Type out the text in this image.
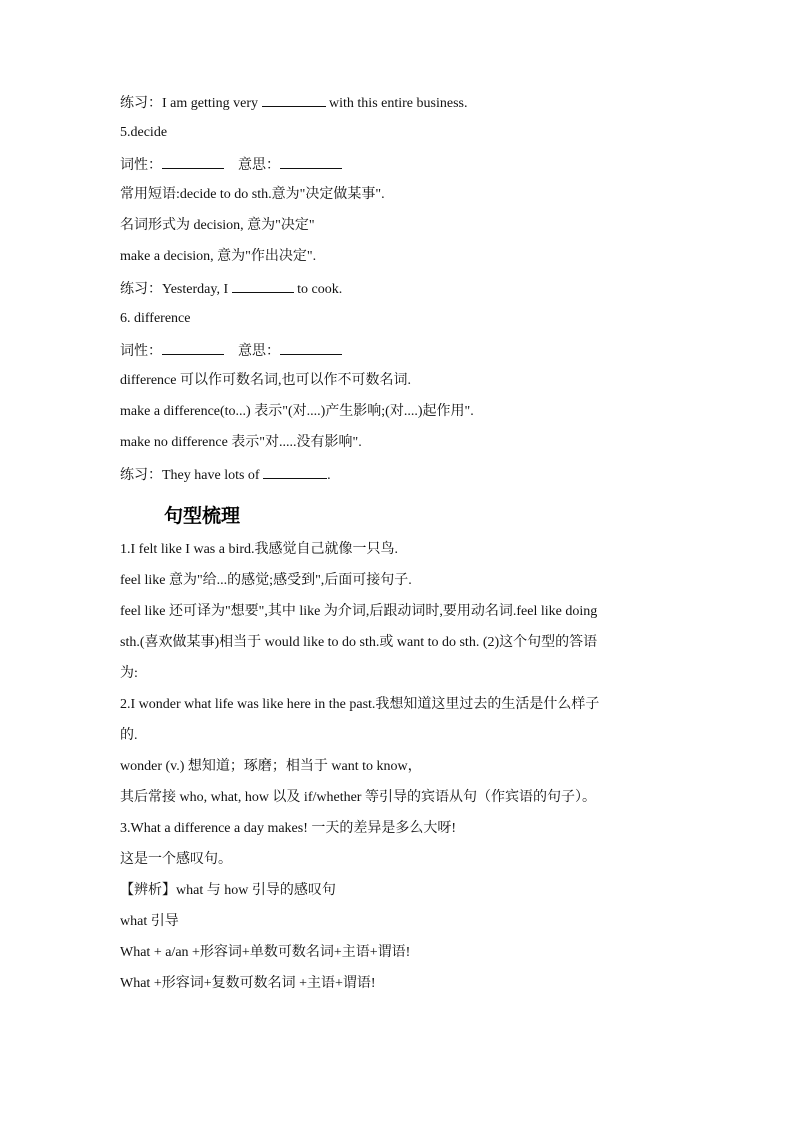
练习：I am getting very	with this entire business.
5.decide
词性：	意思：
常用短语:decide to do sth.意为"决定做某事".
名词形式为 decision, 意为"决定"
make a decision, 意为"作出决定".
练习：Yesterday, I	to cook.
6. difference
词性：	意思：
difference 可以作可数名词,也可以作不可数名词.
make a difference(to...) 表示"(对....)产生影响;(对....)起作用".
make no difference 表示"对.....没有影响".
练习：They have lots of	.
句型梳理
1.I felt like I was a bird.我感觉自己就像一只鸟.
feel like 意为"给...的感觉;感受到",后面可接句子.
feel like 还可译为"想要",其中 like 为介词,后跟动词时,要用动名词.feel like doing
sth.(喜欢做某事)相当于 would like to do sth.或 want to do sth. (2)这个句型的答语
为:
2.I wonder what life was like here in the past.我想知道这里过去的生活是什么样子
的.
wonder (v.) 想知道；琢磨；相当于 want to know，
其后常接 who, what, how 以及 if/whether 等引导的宾语从句（作宾语的句子）。
3.What a difference a day makes! 一天的差异是多么大呀!
这是一个感叹句。
【辨析】what 与 how 引导的感叹句
what 引导
What + a/an +形容词+单数可数名词+主语+谓语!
What +形容词+复数可数名词 +主语+谓语!
